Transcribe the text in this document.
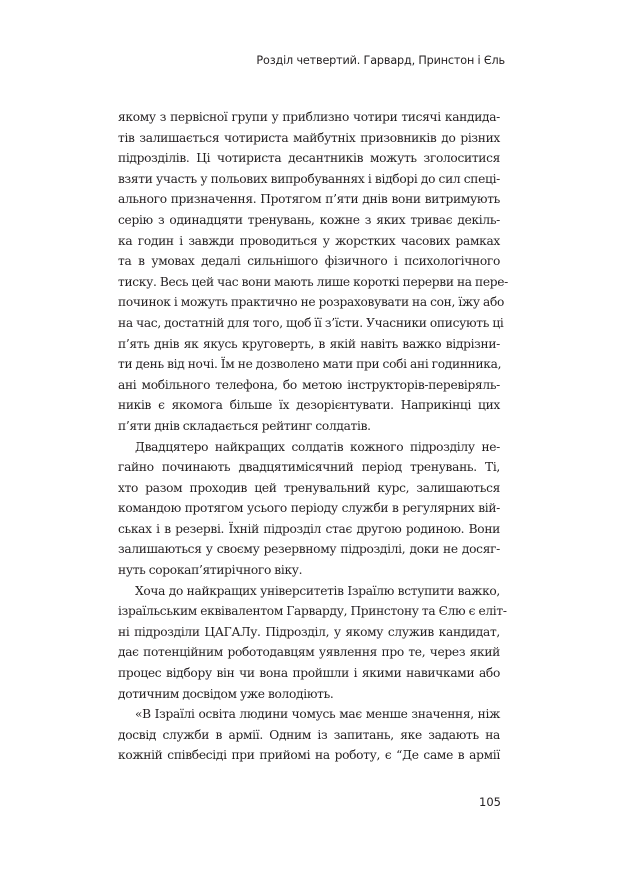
Розділ четвертий. Гарвард, Принстон і Єль

якому з первісної групи у приблизно чотири тисячі кандида-
тів залишається чотириста майбутніх призовників до різних
підрозділів. Ці чотириста десантників можуть зголоситися
взяти участь у польових випробуваннях і відборі до сил спеці-
ального призначення. Протягом п’яти днів вони витримують
серію з одинадцяти тренувань, кожне з яких триває декіль-
ка годин і завжди проводиться у жорстких часових рамках
та в умовах дедалі сильнішого фізичного і психологічного
тиску. Весь цей час вони мають лише короткі перерви на пере-
починок і можуть практично не розраховувати на сон, їжу або
на час, достатній для того, щоб її з’їсти. Учасники описують ці
п’ять днів як якусь круговерть, в якій навіть важко відрізни-
ти день від ночі. Їм не дозволено мати при собі ані годинника,
ані мобільного телефона, бо метою інструкторів-перевіряль-
ників є якомога більше їх дезорієнтувати. Наприкінці цих
п’яти днів складається рейтинг солдатів.

Двадцятеро найкращих солдатів кожного підрозділу не-
гайно починають двадцятимісячний період тренувань. Ті,
хто разом проходив цей тренувальний курс, залишаються
командою протягом усього періоду служби в регулярних вій-
ськах і в резерві. Їхній підрозділ стає другою родиною. Вони
залишаються у своєму резервному підрозділі, доки не досяг-
нуть сорокап’ятирічного віку.

Хоча до найкращих університетів Ізраїлю вступити важко,
ізраїльським еквівалентом Гарварду, Принстону та Єлю є еліт-
ні підрозділи ЦАГАЛу. Підрозділ, у якому служив кандидат,
дає потенційним роботодавцям уявлення про те, через який
процес відбору він чи вона пройшли і якими навичками або
дотичним досвідом уже володіють.

«В Ізраїлі освіта людини чомусь має менше значення, ніж
досвід служби в армії. Одним із запитань, яке задають на
кожній співбесіді при прийомі на роботу, є “Де саме в армії

105
